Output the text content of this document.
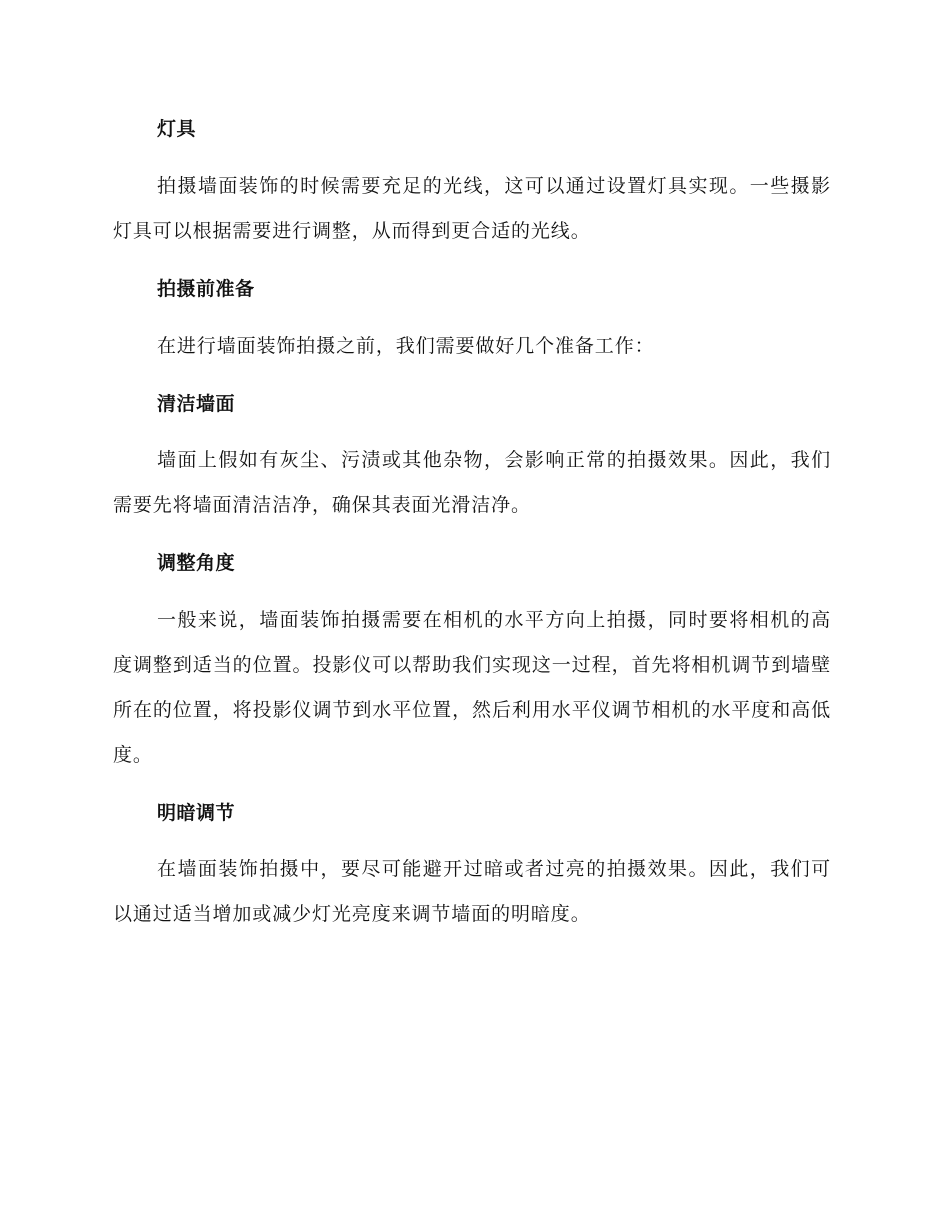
灯具

拍摄墙面装饰的时候需要充足的光线，这可以通过设置灯具实现。一些摄影灯具可以根据需要进行调整，从而得到更合适的光线。

拍摄前准备

在进行墙面装饰拍摄之前，我们需要做好几个准备工作：

清洁墙面

墙面上假如有灰尘、污渍或其他杂物，会影响正常的拍摄效果。因此，我们需要先将墙面清洁洁净，确保其表面光滑洁净。

调整角度

一般来说，墙面装饰拍摄需要在相机的水平方向上拍摄，同时要将相机的高度调整到适当的位置。投影仪可以帮助我们实现这一过程，首先将相机调节到墙壁所在的位置，将投影仪调节到水平位置，然后利用水平仪调节相机的水平度和高低度。

明暗调节

在墙面装饰拍摄中，要尽可能避开过暗或者过亮的拍摄效果。因此，我们可以通过适当增加或减少灯光亮度来调节墙面的明暗度。
